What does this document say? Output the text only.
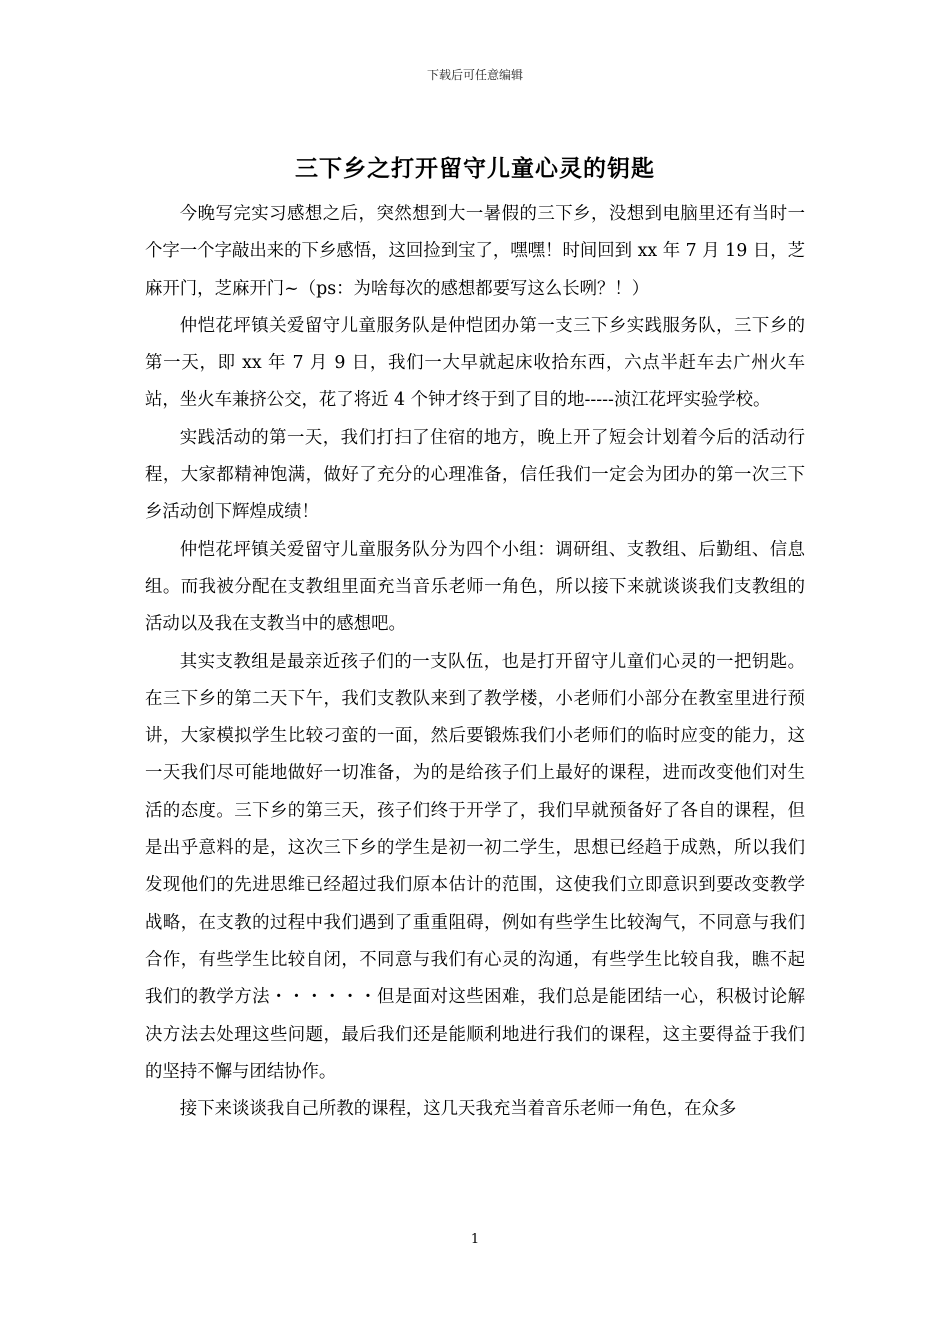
下载后可任意编辑
三下乡之打开留守儿童心灵的钥匙

今晚写完实习感想之后，突然想到大一暑假的三下乡，没想到电脑里还有当时一个字一个字敲出来的下乡感悟，这回捡到宝了，嘿嘿！时间回到 xx 年 7 月 19 日，芝麻开门，芝麻开门~（ps：为啥每次的感想都要写这么长咧？！）

仲恺花坪镇关爱留守儿童服务队是仲恺团办第一支三下乡实践服务队，三下乡的第一天，即 xx 年 7 月 9 日，我们一大早就起床收拾东西，六点半赶车去广州火车站，坐火车兼挤公交，花了将近 4 个钟才终于到了目的地-----浈江花坪实验学校。

实践活动的第一天，我们打扫了住宿的地方，晚上开了短会计划着今后的活动行程，大家都精神饱满，做好了充分的心理准备，信任我们一定会为团办的第一次三下乡活动创下辉煌成绩！

仲恺花坪镇关爱留守儿童服务队分为四个小组：调研组、支教组、后勤组、信息组。而我被分配在支教组里面充当音乐老师一角色，所以接下来就谈谈我们支教组的活动以及我在支教当中的感想吧。

其实支教组是最亲近孩子们的一支队伍，也是打开留守儿童们心灵的一把钥匙。在三下乡的第二天下午，我们支教队来到了教学楼，小老师们小部分在教室里进行预讲，大家模拟学生比较刁蛮的一面，然后要锻炼我们小老师们的临时应变的能力，这一天我们尽可能地做好一切准备，为的是给孩子们上最好的课程，进而改变他们对生活的态度。三下乡的第三天，孩子们终于开学了，我们早就预备好了各自的课程，但是出乎意料的是，这次三下乡的学生是初一初二学生，思想已经趋于成熟，所以我们发现他们的先进思维已经超过我们原本估计的范围，这使我们立即意识到要改变教学战略，在支教的过程中我们遇到了重重阻碍，例如有些学生比较淘气，不同意与我们合作，有些学生比较自闭，不同意与我们有心灵的沟通，有些学生比较自我，瞧不起我们的教学方法・・・・・・但是面对这些困难，我们总是能团结一心，积极讨论解决方法去处理这些问题，最后我们还是能顺利地进行我们的课程，这主要得益于我们的坚持不懈与团结协作。

接下来谈谈我自己所教的课程，这几天我充当着音乐老师一角色，在众多

1
